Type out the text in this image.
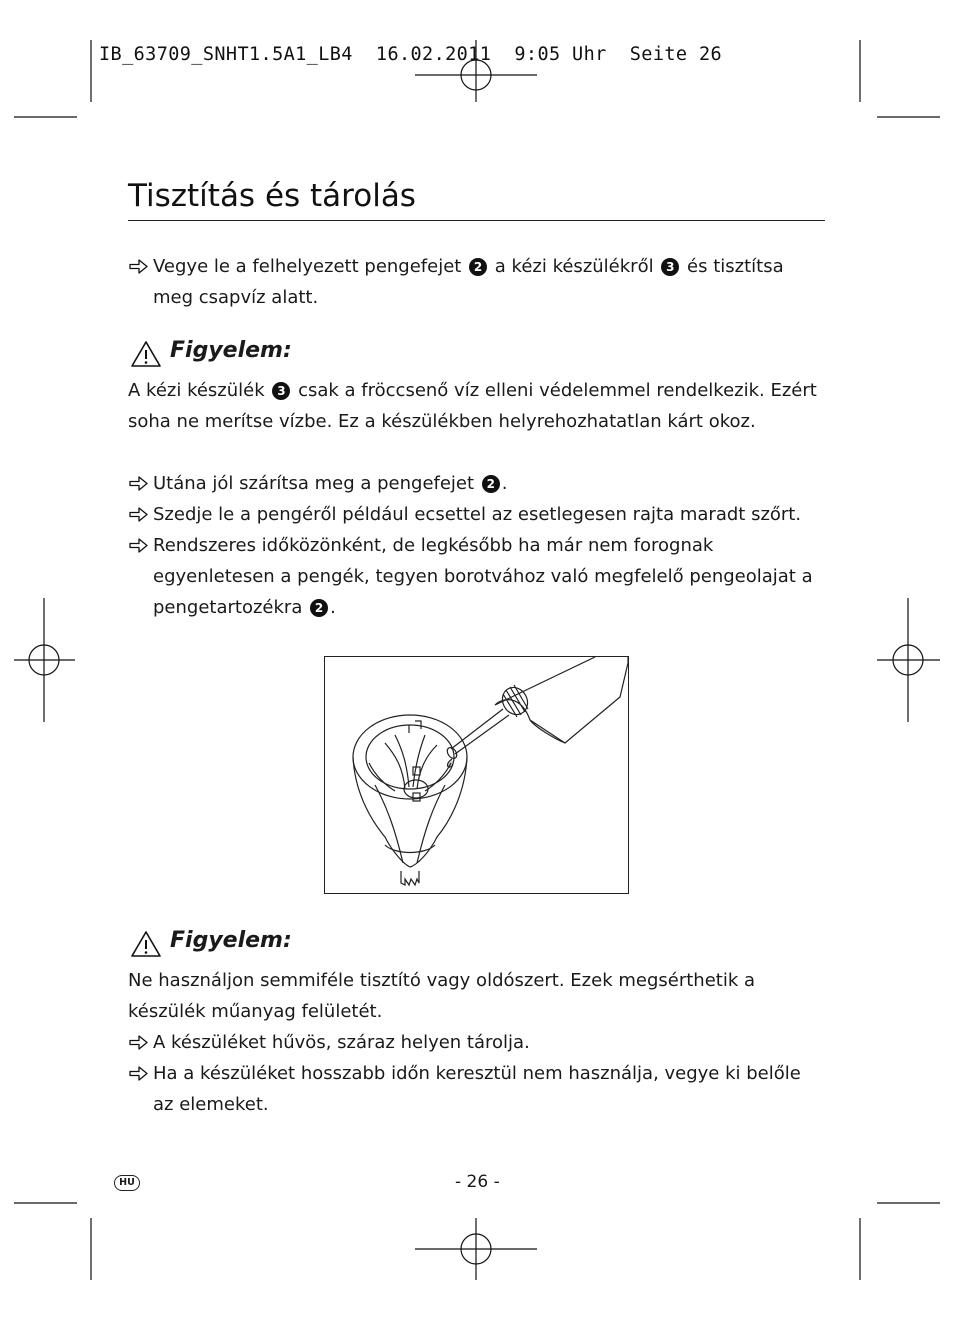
IB_63709_SNHT1.5A1_LB4  16.02.2011  9:05 Uhr  Seite 26
Tisztítás és tárolás

Vegye le a felhelyezett pengefejet 2 a kézi készülékről 3 és tisztítsa meg csapvíz alatt.

Figyelem:

A kézi készülék 3 csak a fröccsenő víz elleni védelemmel rendelkezik. Ezért soha ne merítse vízbe. Ez a készülékben helyrehozhatatlan kárt okoz.

Utána jól szárítsa meg a pengefejet 2 .

Szedje le a pengéről például ecsettel az esetlegesen rajta maradt szőrt.

Rendszeres időközönként, de legkésőbb ha már nem forognak egyenletesen a pengék, tegyen borotvához való megfelelő pengeolajat a pengetartozékra 2 .

Figyelem:

Ne használjon semmiféle tisztító vagy oldószert. Ezek megsérthetik a készülék műanyag felületét.

A készüléket hűvös, száraz helyen tárolja.

Ha a készüléket hosszabb időn keresztül nem használja, vegye ki belőle az elemeket.

HU	- 26 -
